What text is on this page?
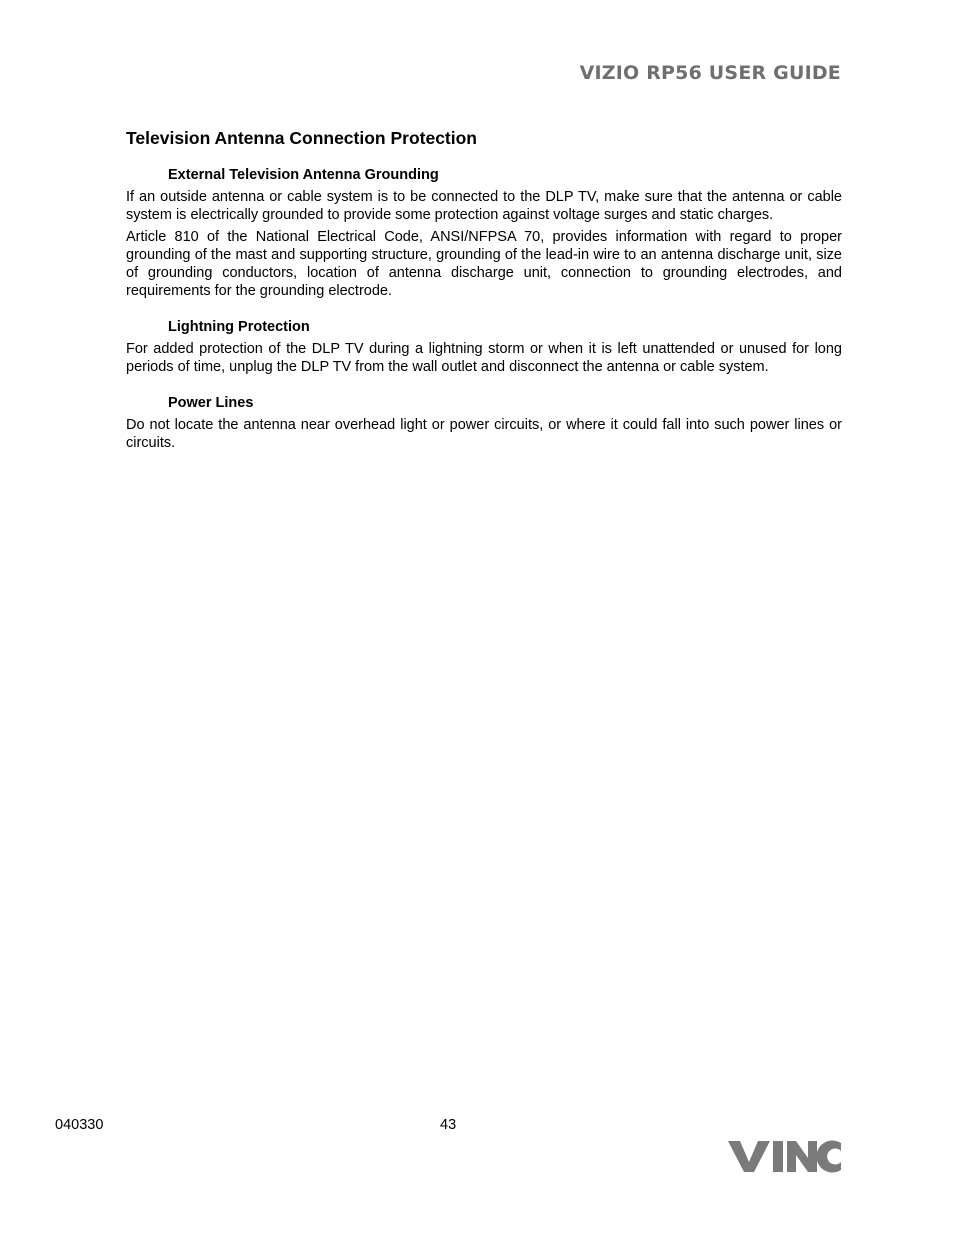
VIZIO RP56 USER GUIDE
Television Antenna Connection Protection
External Television Antenna Grounding

If an outside antenna or cable system is to be connected to the DLP TV, make sure that the antenna or cable system is electrically grounded to provide some protection against voltage surges and static charges.

Article 810 of the National Electrical Code, ANSI/NFPSA 70, provides information with regard to proper grounding of the mast and supporting structure, grounding of the lead-in wire to an antenna discharge unit, size of grounding conductors, location of antenna discharge unit, connection to grounding electrodes, and requirements for the grounding electrode.

Lightning Protection

For added protection of the DLP TV during a lightning storm or when it is left unattended or unused for long periods of time, unplug the DLP TV from the wall outlet and disconnect the antenna or cable system.

Power Lines

Do not locate the antenna near overhead light or power circuits, or where it could fall into such power lines or circuits.

040330	43
